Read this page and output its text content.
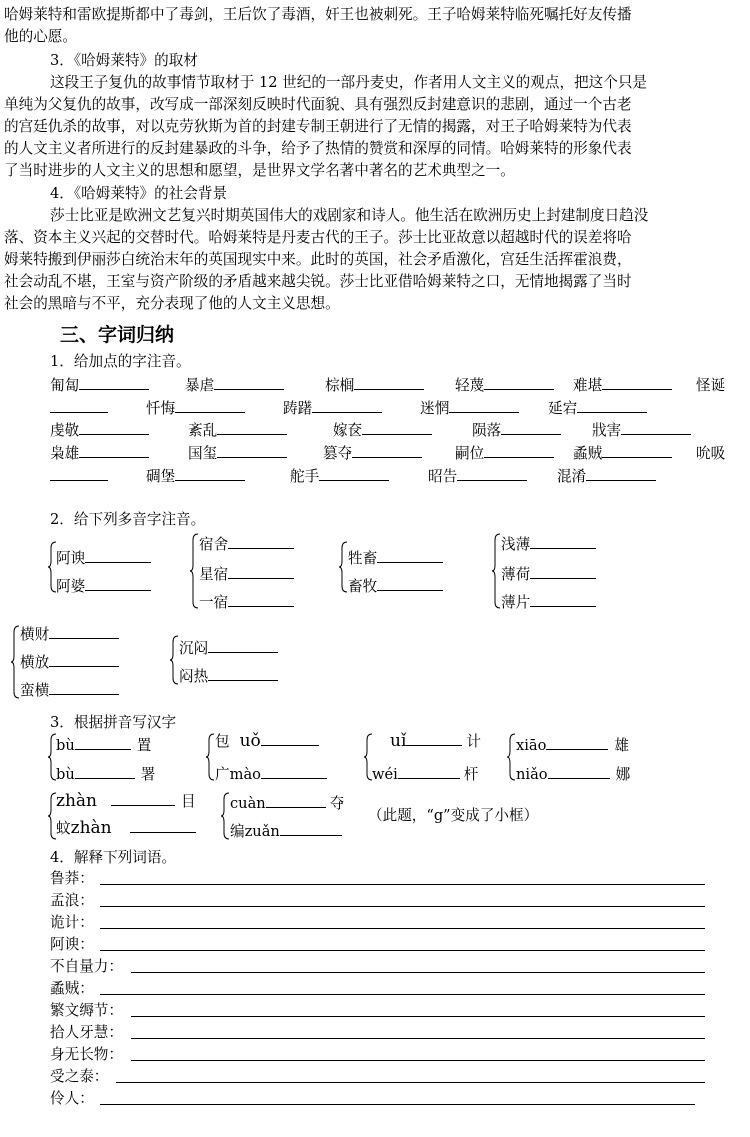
哈姆莱特和雷欧提斯都中了毒剑，王后饮了毒酒，奸王也被刺死。王子哈姆莱特临死嘱托好友传播
他的心愿。
3．《哈姆莱特》的取材
这段王子复仇的故事情节取材于 12 世纪的一部丹麦史，作者用人文主义的观点，把这个只是
单纯为父复仇的故事，改写成一部深刻反映时代面貌、具有强烈反封建意识的悲剧，通过一个古老
的宫廷仇杀的故事，对以克劳狄斯为首的封建专制王朝进行了无情的揭露，对王子哈姆莱特为代表
的人文主义者所进行的反封建暴政的斗争，给予了热情的赞赏和深厚的同情。哈姆莱特的形象代表
了当时进步的人文主义的思想和愿望，是世界文学名著中著名的艺术典型之一。
4．《哈姆莱特》的社会背景
莎士比亚是欧洲文艺复兴时期英国伟大的戏剧家和诗人。他生活在欧洲历史上封建制度日趋没
落、资本主义兴起的交替时代。哈姆莱特是丹麦古代的王子。莎士比亚故意以超越时代的误差将哈
姆莱特搬到伊丽莎白统治末年的英国现实中来。此时的英国，社会矛盾激化，宫廷生活挥霍浪费，
社会动乱不堪，王室与资产阶级的矛盾越来越尖锐。莎士比亚借哈姆莱特之口，无情地揭露了当时
社会的黑暗与不平，充分表现了他的人文主义思想。
三、字词归纳
1．给加点的字注音。
匍匐	暴虐	棕榈	轻蔑	难堪	怪诞
忏悔	踌躇	迷惘	延宕
虔敬	紊乱	嫁奁	陨落	戕害
枭雄	国玺	篡夺	嗣位	蟊贼	吮吸
碉堡	舵手	昭告	混淆
2．给下列多音字注音。
阿谀
阿婆
宿舍
星宿
一宿
牲畜
畜牧
浅薄
薄荷
薄片
横财
横放
蛮横
沉闷
闷热
3．根据拼音写汉字
bù	置
bù	署
包 uǒ
广mào
uǐ	计
wéi	杆
xiāo	雄
niǎo	娜
zhàn	目
蚊zhàn
cuàn	夺
编zuǎn
（此题，“g”变成了小框）
4．解释下列词语。
鲁莽：
孟浪：
诡计：
阿谀：
不自量力：
蟊贼：
繁文缛节：
拾人牙慧：
身无长物：
受之泰：
伶人：
